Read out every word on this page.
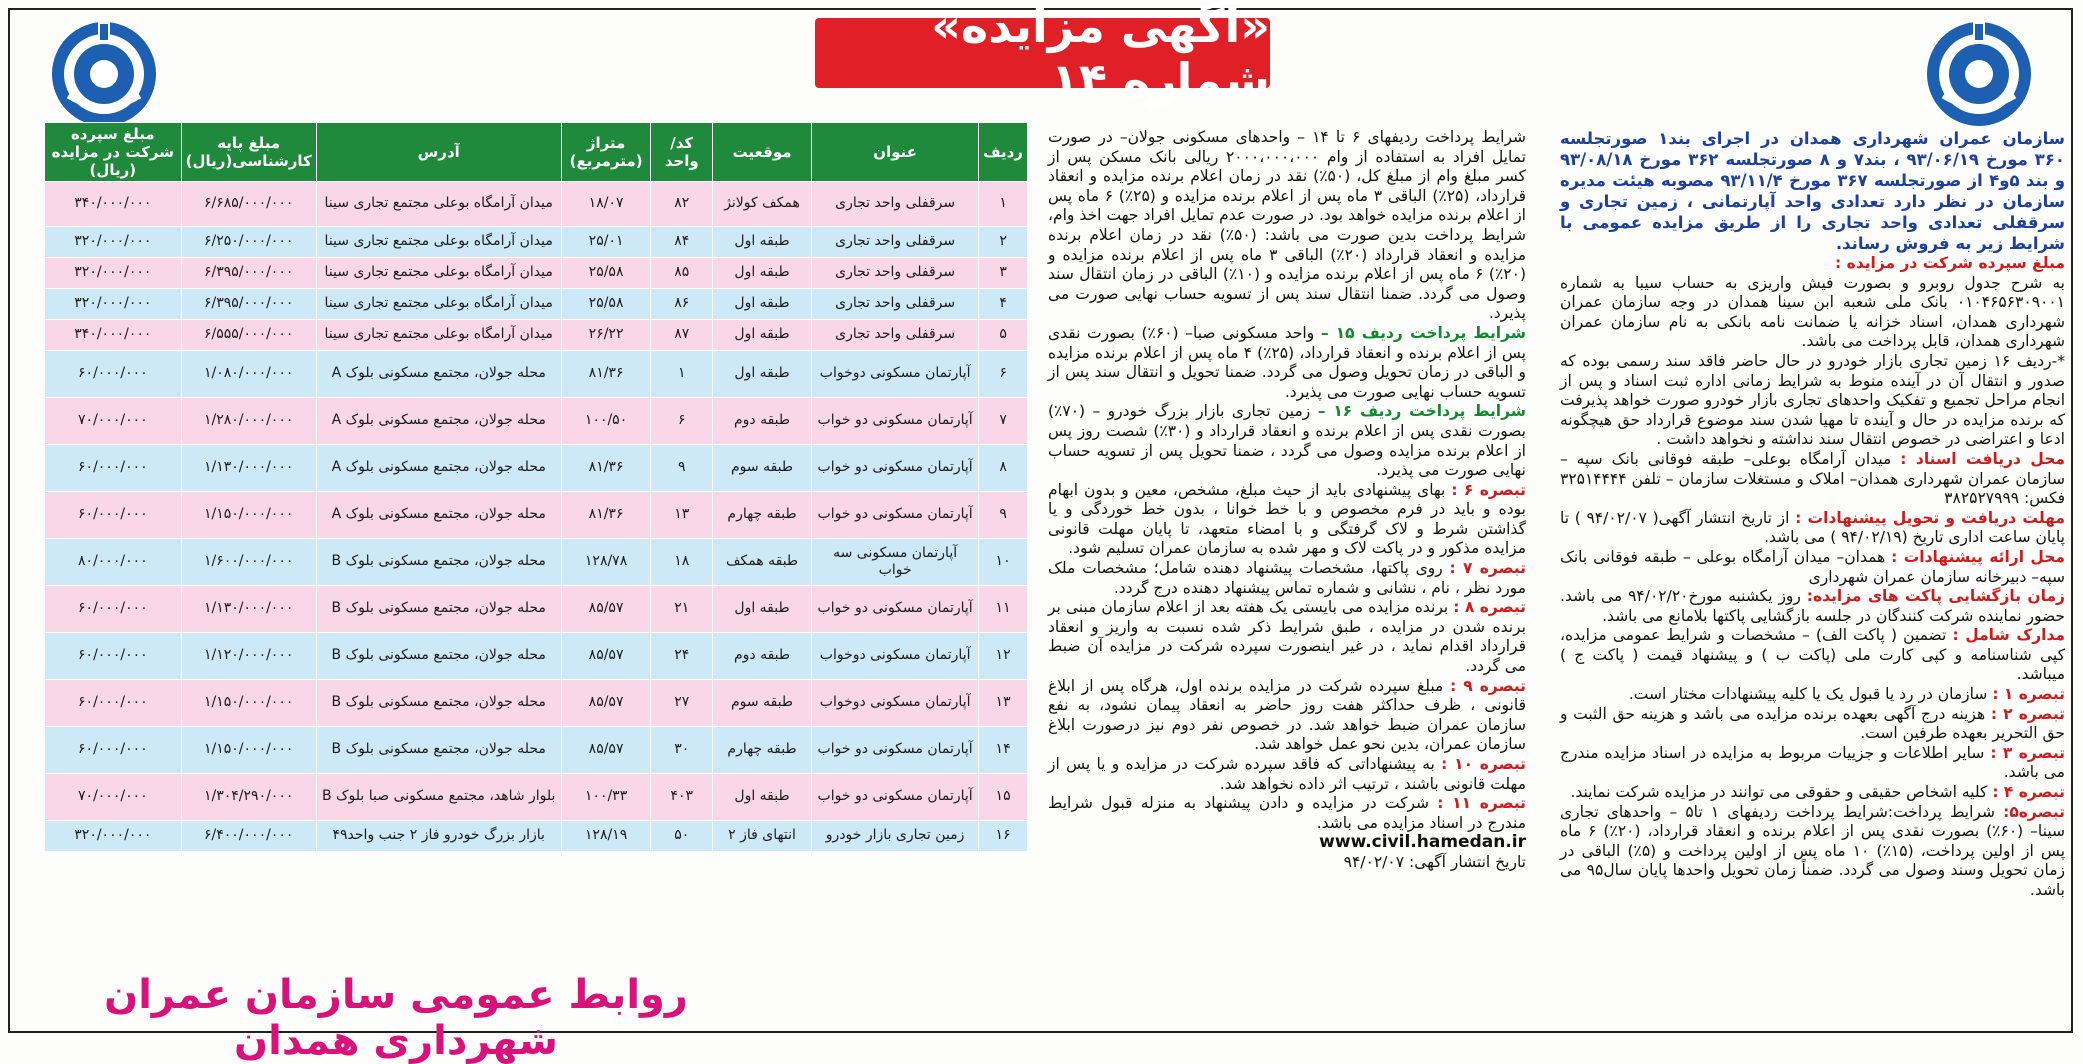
«آگهی مزایده» شماره ۱۴
ردیف	عنوان	موقعیت	کد/ واحد	متراژ (مترمربع)	آدرس	مبلغ پایه کارشناسی(ریال)	مبلغ سپرده شرکت در مزایده (ریال)
۱	سرقفلی واحد تجاری	همکف کولانژ	۸۲	۱۸/۰۷	میدان آرامگاه بوعلی مجتمع تجاری سینا	۶/۶۸۵/۰۰۰/۰۰۰	۳۴۰/۰۰۰/۰۰۰
۲	سرقفلی واحد تجاری	طبقه اول	۸۴	۲۵/۰۱	میدان آرامگاه بوعلی مجتمع تجاری سینا	۶/۲۵۰/۰۰۰/۰۰۰	۳۲۰/۰۰۰/۰۰۰
۳	سرقفلی واحد تجاری	طبقه اول	۸۵	۲۵/۵۸	میدان آرامگاه بوعلی مجتمع تجاری سینا	۶/۳۹۵/۰۰۰/۰۰۰	۳۲۰/۰۰۰/۰۰۰
۴	سرقفلی واحد تجاری	طبقه اول	۸۶	۲۵/۵۸	میدان آرامگاه بوعلی مجتمع تجاری سینا	۶/۳۹۵/۰۰۰/۰۰۰	۳۲۰/۰۰۰/۰۰۰
۵	سرقفلی واحد تجاری	طبقه اول	۸۷	۲۶/۲۲	میدان آرامگاه بوعلی مجتمع تجاری سینا	۶/۵۵۵/۰۰۰/۰۰۰	۳۴۰/۰۰۰/۰۰۰
۶	آپارتمان مسکونی دوخواب	طبقه اول	۱	۸۱/۳۶	محله جولان، مجتمع مسکونی بلوک A	۱/۰۸۰/۰۰۰/۰۰۰	۶۰/۰۰۰/۰۰۰
۷	آپارتمان مسکونی دو خواب	طبقه دوم	۶	۱۰۰/۵۰	محله جولان، مجتمع مسکونی بلوک A	۱/۲۸۰/۰۰۰/۰۰۰	۷۰/۰۰۰/۰۰۰
۸	آپارتمان مسکونی دو خواب	طبقه سوم	۹	۸۱/۳۶	محله جولان، مجتمع مسکونی بلوک A	۱/۱۳۰/۰۰۰/۰۰۰	۶۰/۰۰۰/۰۰۰
۹	آپارتمان مسکونی دو خواب	طبقه چهارم	۱۳	۸۱/۳۶	محله جولان، مجتمع مسکونی بلوک A	۱/۱۵۰/۰۰۰/۰۰۰	۶۰/۰۰۰/۰۰۰
۱۰	آپارتمان مسکونی سه خواب	طبقه همکف	۱۸	۱۲۸/۷۸	محله جولان، مجتمع مسکونی بلوک B	۱/۶۰۰/۰۰۰/۰۰۰	۸۰/۰۰۰/۰۰۰
۱۱	آپارتمان مسکونی دو خواب	طبقه اول	۲۱	۸۵/۵۷	محله جولان، مجتمع مسکونی بلوک B	۱/۱۳۰/۰۰۰/۰۰۰	۶۰/۰۰۰/۰۰۰
۱۲	آپارتمان مسکونی دوخواب	طبقه دوم	۲۴	۸۵/۵۷	محله جولان، مجتمع مسکونی بلوک B	۱/۱۲۰/۰۰۰/۰۰۰	۶۰/۰۰۰/۰۰۰
۱۳	آپارتمان مسکونی دوخواب	طبقه سوم	۲۷	۸۵/۵۷	محله جولان، مجتمع مسکونی بلوک B	۱/۱۵۰/۰۰۰/۰۰۰	۶۰/۰۰۰/۰۰۰
۱۴	آپارتمان مسکونی دو خواب	طبقه چهارم	۳۰	۸۵/۵۷	محله جولان، مجتمع مسکونی بلوک B	۱/۱۵۰/۰۰۰/۰۰۰	۶۰/۰۰۰/۰۰۰
۱۵	آپارتمان مسکونی دو خواب	طبقه اول	۴۰۳	۱۰۰/۳۳	بلوار شاهد، مجتمع مسکونی صبا بلوک B	۱/۳۰۴/۲۹۰/۰۰۰	۷۰/۰۰۰/۰۰۰
۱۶	زمین تجاری بازار خودرو	انتهای فاز ۲	۵۰	۱۲۸/۱۹	بازار بزرگ خودرو فاز ۲ جنب واحد۴۹	۶/۴۰۰/۰۰۰/۰۰۰	۳۲۰/۰۰۰/۰۰۰

شرایط پرداخت ردیفهای ۶ تا ۱۴ – واحدهای مسکونی جولان– در صورت تمایل افراد به استفاده از وام ۲۰۰۰،۰۰۰،۰۰۰ ریالی بانک مسکن پس از کسر مبلغ وام از مبلغ کل، (۵۰٪) نقد در زمان اعلام برنده مزایده و انعقاد قرارداد، (۲۵٪) الباقی ۳ ماه پس از اعلام برنده مزایده و (۲۵٪) ۶ ماه پس از اعلام برنده مزایده خواهد بود. در صورت عدم تمایل افراد جهت اخذ وام، شرایط پرداخت بدین صورت می باشد: (۵۰٪) نقد در زمان اعلام برنده مزایده و انعقاد قرارداد (۲۰٪) الباقی ۳ ماه پس از اعلام برنده مزایده و (۲۰٪) ۶ ماه پس از اعلام برنده مزایده و (۱۰٪) الباقی در زمان انتقال سند وصول می گردد. ضمنا انتقال سند پس از تسویه حساب نهایی صورت می پذیرد.

شرایط پرداخت ردیف ۱۵ – واحد مسکونی صبا– (۶۰٪) بصورت نقدی پس از اعلام برنده و انعقاد قرارداد، (۲۵٪) ۴ ماه پس از اعلام برنده مزایده و الباقی در زمان تحویل وصول می گردد. ضمنا تحویل و انتقال سند پس از تسویه حساب نهایی صورت می پذیرد.

شرایط پرداخت ردیف ۱۶ – زمین تجاری بازار بزرگ خودرو – (۷۰٪) بصورت نقدی پس از اعلام برنده و انعقاد قرارداد و (۳۰٪) شصت روز پس از اعلام برنده مزایده وصول می گردد ، ضمنا تحویل پس از تسویه حساب نهایی صورت می پذیرد.

تبصره ۶ : بهای پیشنهادی باید از حیث مبلغ، مشخص، معین و بدون ابهام بوده و باید در فرم مخصوص و با خط خوانا ، بدون خط خوردگی و یا گذاشتن شرط و لاک گرفتگی و با امضاء متعهد، تا پایان مهلت قانونی مزایده مذکور و در پاکت لاک و مهر شده به سازمان عمران تسلیم شود.

تبصره ۷ : روی پاکتها، مشخصات پیشنهاد دهنده شامل؛ مشخصات ملک مورد نظر ، نام ، نشانی و شماره تماس پیشنهاد دهنده درج گردد.

تبصره ۸ : برنده مزایده می بایستی یک هفته بعد از اعلام سازمان مبنی بر برنده شدن در مزایده ، طبق شرایط ذکر شده نسبت به واریز و انعقاد قرارداد اقدام نماید ، در غیر اینصورت سپرده شرکت در مزایده آن ضبط می گردد.

تبصره ۹ : مبلغ سپرده شرکت در مزایده برنده اول، هرگاه پس از ابلاغ قانونی ، ظرف حداکثر هفت روز حاضر به انعقاد پیمان نشود، به نفع سازمان عمران ضبط خواهد شد. در خصوص نفر دوم نیز درصورت ابلاغ سازمان عمران، بدین نحو عمل خواهد شد.

تبصره ۱۰ : به پیشنهاداتی که فاقد سپرده شرکت در مزایده و یا پس از مهلت قانونی باشند ، ترتیب اثر داده نخواهد شد.

تبصره ۱۱ : شرکت در مزایده و دادن پیشنهاد به منزله قبول شرایط مندرج در اسناد مزایده می باشد.

www.civil.hamedan.ir

تاریخ انتشار آگهی: ۹۴/۰۲/۰۷

سازمان عمران شهرداری همدان در اجرای بند۱ صورتجلسه ۳۶۰ مورخ ۹۳/۰۶/۱۹ ، بند۷ و ۸ صورتجلسه ۳۶۲ مورخ ۹۳/۰۸/۱۸ و بند ۵و۴ از صورتجلسه ۳۶۷ مورخ ۹۳/۱۱/۴ مصوبه هیئت مدیره سازمان در نظر دارد تعدادی واحد آپارتمانی ، زمین تجاری و سرقفلی تعدادی واحد تجاری را از طریق مزایده عمومی با شرایط زیر به فروش رساند.

مبلغ سپرده شرکت در مزایده :

به شرح جدول روبرو و بصورت فیش واریزی به حساب سیبا به شماره ۰۱۰۴۶۵۶۳۰۹۰۰۱ بانک ملی شعبه ابن سینا همدان در وجه سازمان عمران شهرداری همدان، اسناد خزانه یا ضمانت نامه بانکی به نام سازمان عمران شهرداری همدان، قابل پرداخت می باشد.

*-ردیف ۱۶ زمین تجاری بازار خودرو در حال حاضر فاقد سند رسمی بوده که صدور و انتقال آن در آینده منوط به شرایط زمانی اداره ثبت اسناد و پس از انجام مراحل تجمیع و تفکیک واحدهای تجاری بازار خودرو صورت خواهد پذیرفت که برنده مزایده در حال و آینده تا مهیا شدن سند موضوع قرارداد حق هیچگونه ادعا و اعتراضی در خصوص انتقال سند نداشته و نخواهد داشت .

محل دریافت اسناد : میدان آرامگاه بوعلی– طبقه فوقانی بانک سپه – سازمان عمران شهرداری همدان– املاک و مستغلات سازمان – تلفن ۳۲۵۱۴۴۴۴ فکس: ۳۸۲۵۲۷۹۹۹

مهلت دریافت و تحویل پیشنهادات : از تاریخ انتشار آگهی( ۹۴/۰۲/۰۷ ) تا پایان ساعت اداری تاریخ (۹۴/۰۲/۱۹ ) می باشد.

محل ارائه پیشنهادات : همدان– میدان آرامگاه بوعلی – طبقه فوقانی بانک سپه– دبیرخانه سازمان عمران شهرداری

زمان بازگشایی پاکت های مزایده: روز یکشنبه مورخ۹۴/۰۲/۲۰ می باشد. حضور نماینده شرکت کنندگان در جلسه بازگشایی پاکتها بلامانع می باشد.

مدارک شامل : تضمین ( پاکت الف) – مشخصات و شرایط عمومی مزایده، کپی شناسنامه و کپی کارت ملی (پاکت ب ) و پیشنهاد قیمت ( پاکت ج ) میباشد.

تبصره ۱ : سازمان در رد یا قبول یک یا کلیه پیشنهادات مختار است.

تبصره ۲ : هزینه درج آگهی بعهده برنده مزایده می باشد و هزینه حق الثبت و حق التحریر بعهده طرفین است.

تبصره ۳ : سایر اطلاعات و جزییات مربوط به مزایده در اسناد مزایده مندرج می باشد.

تبصره ۴ : کلیه اشخاص حقیقی و حقوقی می توانند در مزایده شرکت نمایند.

تبصره۵: شرایط پرداخت:شرایط پرداخت ردیفهای ۱ تا۵ – واحدهای تجاری سینا– (۶۰٪) بصورت نقدی پس از اعلام برنده و انعقاد قرارداد، (۲۰٪) ۶ ماه پس از اولین پرداخت، (۱۵٪) ۱۰ ماه پس از اولین پرداخت و (۵٪) الباقی در زمان تحویل وسند وصول می گردد. ضمناً زمان تحویل واحدها پایان سال۹۵ می باشد.

روابط عمومی سازمان عمران شهرداری همدان
